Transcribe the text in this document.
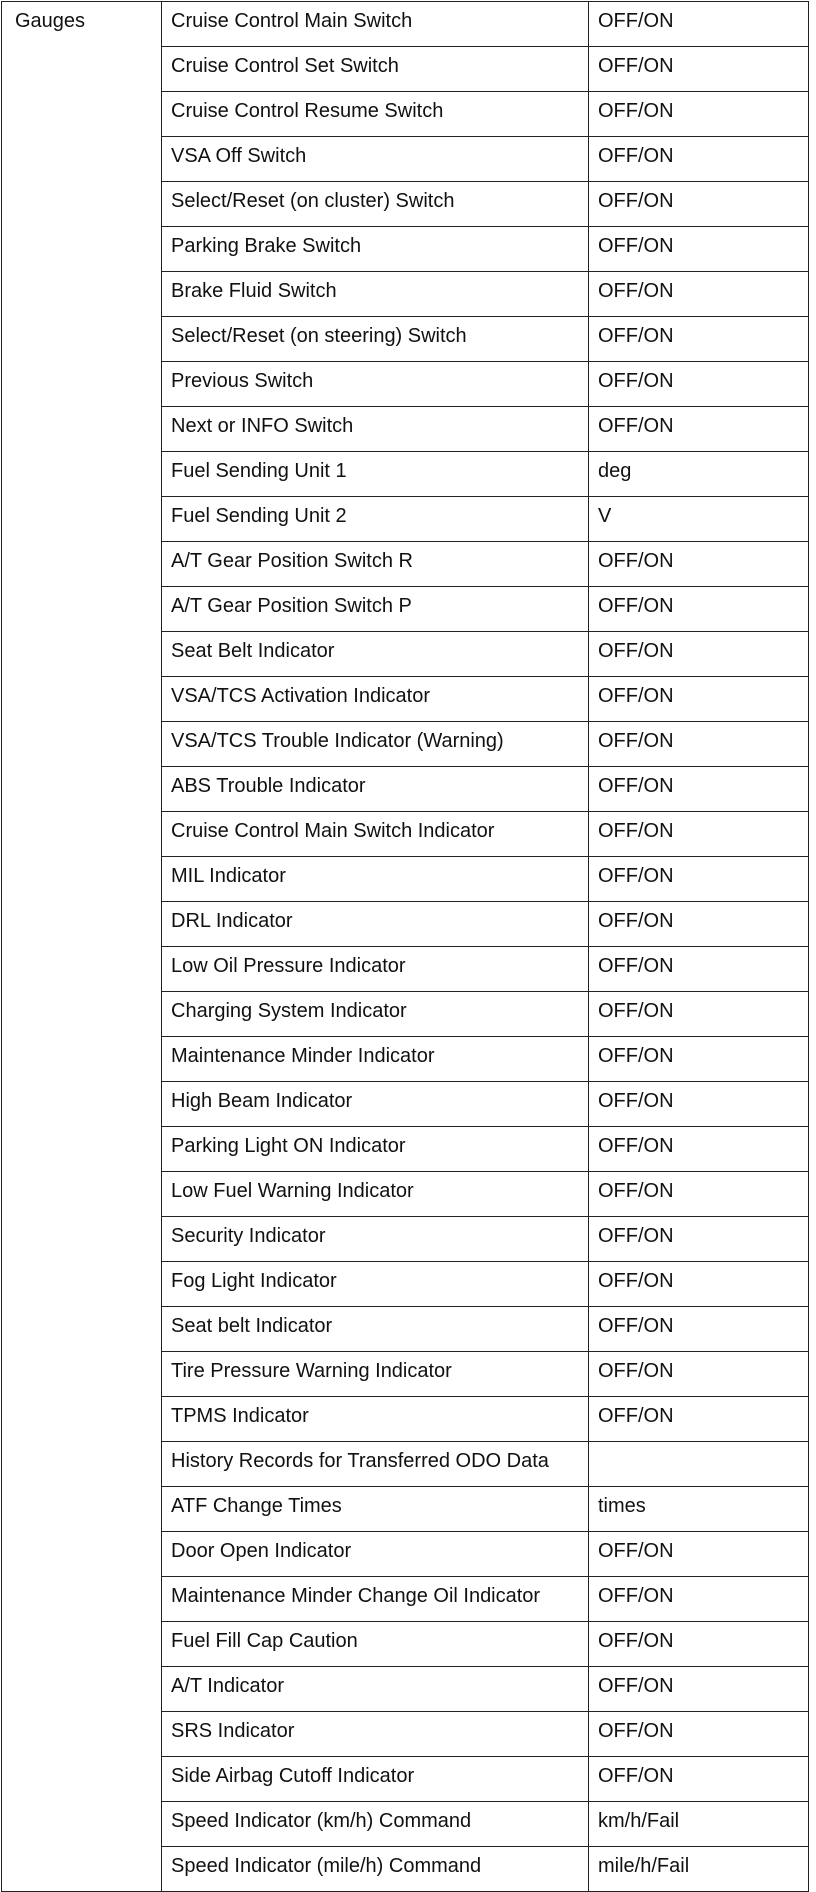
Gauges	Cruise Control Main Switch	OFF/ON
	Cruise Control Set Switch	OFF/ON
	Cruise Control Resume Switch	OFF/ON
	VSA Off Switch	OFF/ON
	Select/Reset (on cluster) Switch	OFF/ON
	Parking Brake Switch	OFF/ON
	Brake Fluid Switch	OFF/ON
	Select/Reset (on steering) Switch	OFF/ON
	Previous Switch	OFF/ON
	Next or INFO Switch	OFF/ON
	Fuel Sending Unit 1	deg
	Fuel Sending Unit 2	V
	A/T Gear Position Switch R	OFF/ON
	A/T Gear Position Switch P	OFF/ON
	Seat Belt Indicator	OFF/ON
	VSA/TCS Activation Indicator	OFF/ON
	VSA/TCS Trouble Indicator (Warning)	OFF/ON
	ABS Trouble Indicator	OFF/ON
	Cruise Control Main Switch Indicator	OFF/ON
	MIL Indicator	OFF/ON
	DRL Indicator	OFF/ON
	Low Oil Pressure Indicator	OFF/ON
	Charging System Indicator	OFF/ON
	Maintenance Minder Indicator	OFF/ON
	High Beam Indicator	OFF/ON
	Parking Light ON Indicator	OFF/ON
	Low Fuel Warning Indicator	OFF/ON
	Security Indicator	OFF/ON
	Fog Light Indicator	OFF/ON
	Seat belt Indicator	OFF/ON
	Tire Pressure Warning Indicator	OFF/ON
	TPMS Indicator	OFF/ON
	History Records for Transferred ODO Data	
	ATF Change Times	times
	Door Open Indicator	OFF/ON
	Maintenance Minder Change Oil Indicator	OFF/ON
	Fuel Fill Cap Caution	OFF/ON
	A/T Indicator	OFF/ON
	SRS Indicator	OFF/ON
	Side Airbag Cutoff Indicator	OFF/ON
	Speed Indicator (km/h) Command	km/h/Fail
	Speed Indicator (mile/h) Command	mile/h/Fail
